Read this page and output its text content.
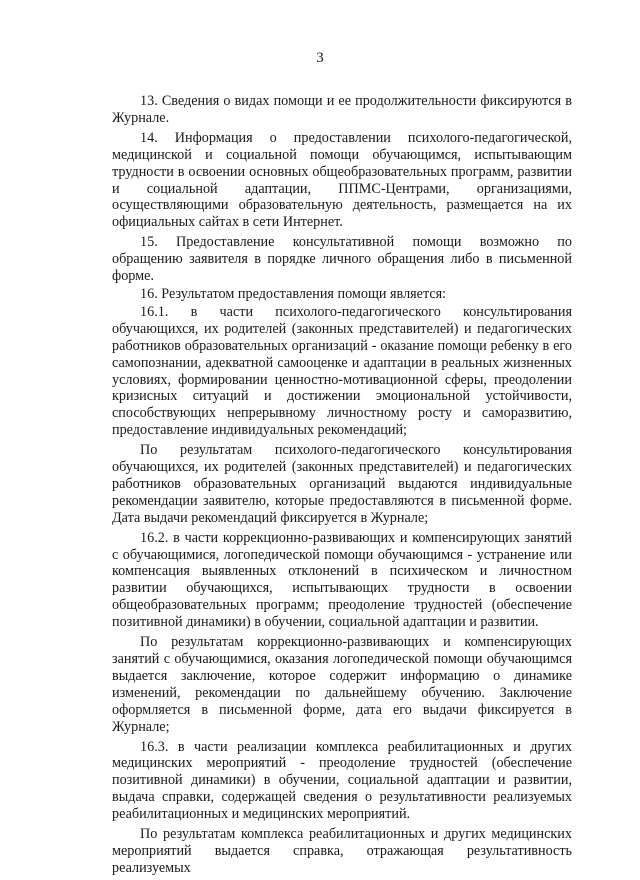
3

13. Сведения о видах помощи и ее продолжительности фиксируются в Журнале.

14. Информация о предоставлении психолого-педагогической, медицинской и социальной помощи обучающимся, испытывающим трудности в освоении основных общеобразовательных программ, развитии и социальной адаптации, ППМС-Центрами, организациями, осуществляющими образовательную деятельность, размещается на их официальных сайтах в сети Интернет.

15. Предоставление консультативной помощи возможно по обращению заявителя в порядке личного обращения либо в письменной форме.

16. Результатом предоставления помощи является:

16.1. в части психолого-педагогического консультирования обучающихся, их родителей (законных представителей) и педагогических работников образовательных организаций - оказание помощи ребенку в его самопознании, адекватной самооценке и адаптации в реальных жизненных условиях, формировании ценностно-мотивационной сферы, преодолении кризисных ситуаций и достижении эмоциональной устойчивости, способствующих непрерывному личностному росту и саморазвитию, предоставление индивидуальных рекомендаций;

По результатам психолого-педагогического консультирования обучающихся, их родителей (законных представителей) и педагогических работников образовательных организаций выдаются индивидуальные рекомендации заявителю, которые предоставляются в письменной форме. Дата выдачи рекомендаций фиксируется в Журнале;

16.2. в части коррекционно-развивающих и компенсирующих занятий с обучающимися, логопедической помощи обучающимся - устранение или компенсация выявленных отклонений в психическом и личностном развитии обучающихся, испытывающих трудности в освоении общеобразовательных программ; преодоление трудностей (обеспечение позитивной динамики) в обучении, социальной адаптации и развитии.

По результатам коррекционно-развивающих и компенсирующих занятий с обучающимися, оказания логопедической помощи обучающимся выдается заключение, которое содержит информацию о динамике изменений, рекомендации по дальнейшему обучению. Заключение оформляется в письменной форме, дата его выдачи фиксируется в Журнале;

16.3. в части реализации комплекса реабилитационных и других медицинских мероприятий - преодоление трудностей (обеспечение позитивной динамики) в обучении, социальной адаптации и развитии, выдача справки, содержащей сведения о результативности реализуемых реабилитационных и медицинских мероприятий.

По результатам комплекса реабилитационных и других медицинских мероприятий выдается справка, отражающая результативность реализуемых
